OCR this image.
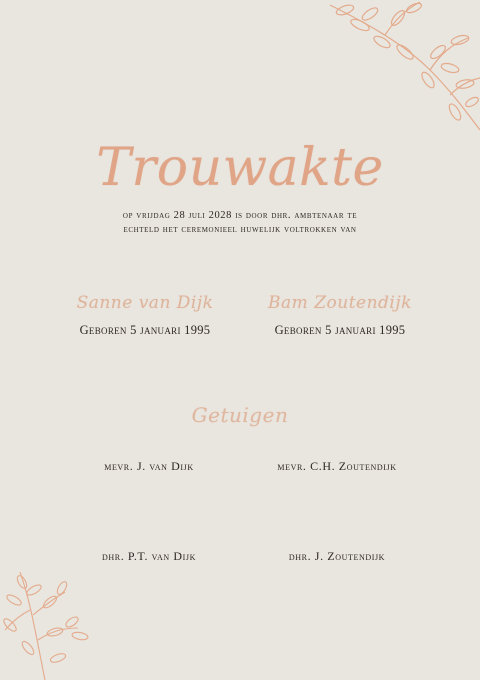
Trouwakte
op vrijdag 28 juli 2028 is door dhr. ambtenaar te
echteld het ceremonieel huwelijk voltrokken van
Sanne van Dijk
Geboren 5 januari 1995
Bam Zoutendijk
Geboren 5 januari 1995
Getuigen
mevr. J. van Dijk	mevr. C.H. Zoutendijk
dhr. P.T. van Dijk	dhr. J. Zoutendijk
